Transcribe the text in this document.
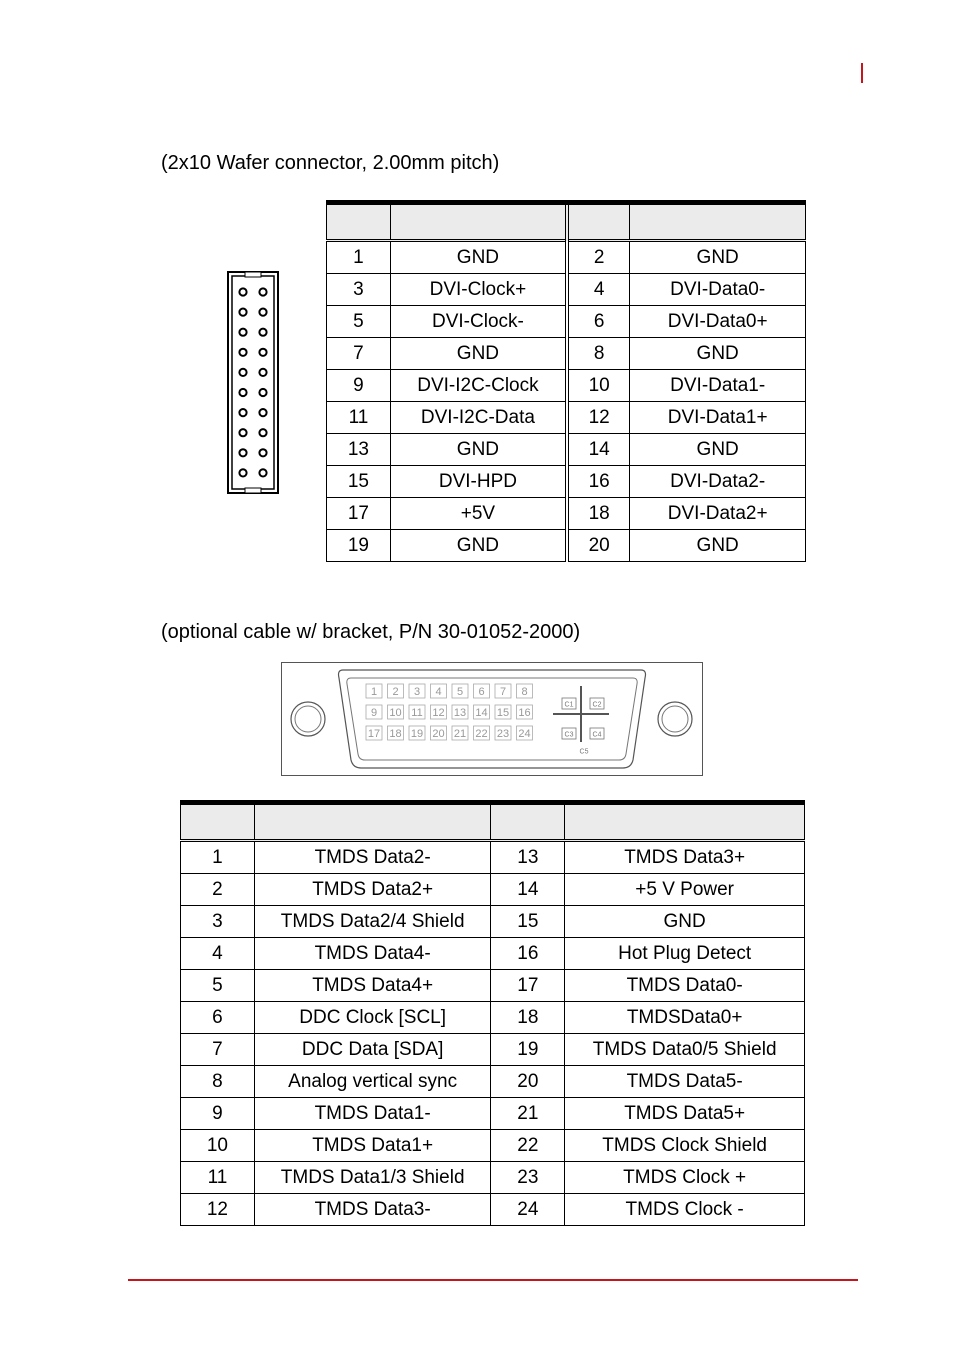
(2x10 Wafer connector, 2.00mm pitch)

1	GND	2	GND
3	DVI-Clock+	4	DVI-Data0-
5	DVI-Clock-	6	DVI-Data0+
7	GND	8	GND
9	DVI-I2C-Clock	10	DVI-Data1-
11	DVI-I2C-Data	12	DVI-Data1+
13	GND	14	GND
15	DVI-HPD	16	DVI-Data2-
17	+5V	18	DVI-Data2+
19	GND	20	GND
(optional cable w/ bracket, P/N 30-01052-2000)
1 2 3 4 5 6 7 8
9 10 11 12 13 14 15 16
17 18 19 20 21 22 23 24
C1	C2
C3	C4
C5

1	TMDS Data2-	13	TMDS Data3+
2	TMDS Data2+	14	+5 V Power
3	TMDS Data2/4 Shield	15	GND
4	TMDS Data4-	16	Hot Plug Detect
5	TMDS Data4+	17	TMDS Data0-
6	DDC Clock [SCL]	18	TMDSData0+
7	DDC Data [SDA]	19	TMDS Data0/5 Shield
8	Analog vertical sync	20	TMDS Data5-
9	TMDS Data1-	21	TMDS Data5+
10	TMDS Data1+	22	TMDS Clock Shield
11	TMDS Data1/3 Shield	23	TMDS Clock +
12	TMDS Data3-	24	TMDS Clock -
